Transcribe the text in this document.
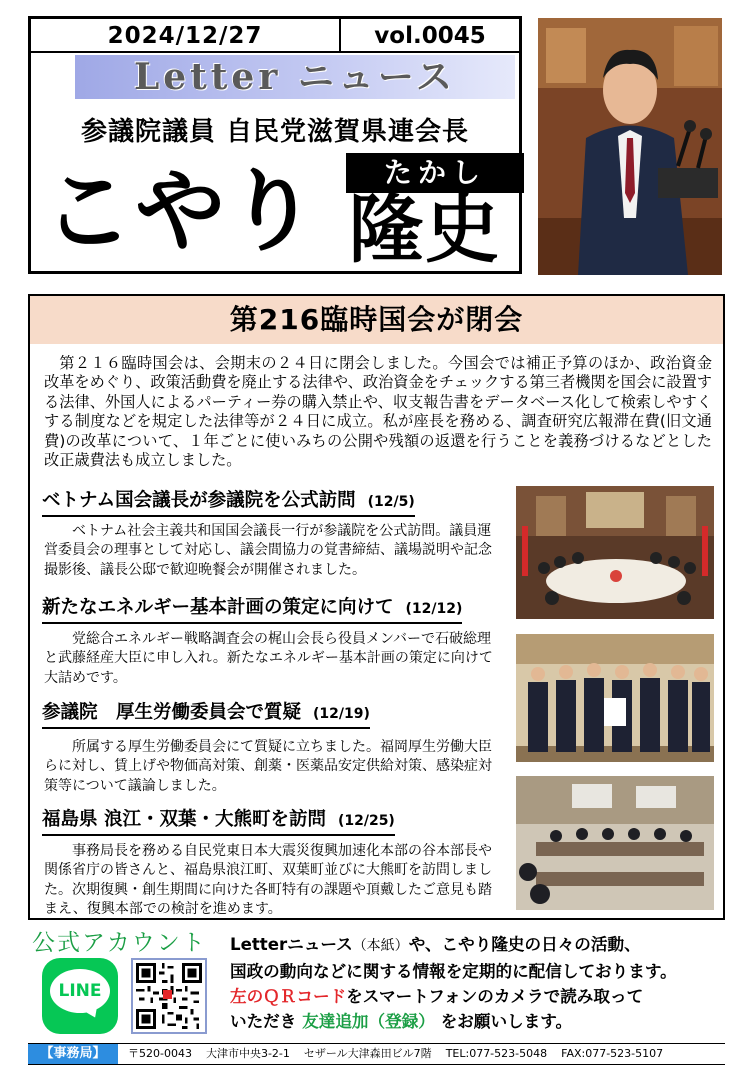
2024/12/27	vol.0045
Letter ニュース
参議院議員 自民党滋賀県連会長
たかし
こやり 隆史
第216臨時国会が閉会

第２１６臨時国会は、会期末の２４日に閉会しました。今国会では補正予算のほか、政治資金改革をめぐり、政策活動費を廃止する法律や、政治資金をチェックする第三者機関を国会に設置する法律、外国人によるパーティー券の購入禁止や、収支報告書をデータベース化して検索しやすくする制度などを規定した法律等が２４日に成立。私が座長を務める、調査研究広報滞在費(旧文通費)の改革について、１年ごとに使いみちの公開や残額の返還を行うことを義務づけるなどとした改正歳費法も成立しました。

ベトナム国会議長が参議院を公式訪問 (12/5)

ベトナム社会主義共和国国会議長一行が参議院を公式訪問。議員運営委員会の理事として対応し、議会間協力の覚書締結、議場説明や記念撮影後、議長公邸で歓迎晩餐会が開催されました。

新たなエネルギー基本計画の策定に向けて (12/12)

党総合エネルギー戦略調査会の梶山会長ら役員メンバーで石破総理と武藤経産大臣に申し入れ。新たなエネルギー基本計画の策定に向けて大詰めです。

参議院　厚生労働委員会で質疑 (12/19)

所属する厚生労働委員会にて質疑に立ちました。福岡厚生労働大臣らに対し、賃上げや物価高対策、創薬・医薬品安定供給対策、感染症対策等について議論しました。

福島県 浪江・双葉・大熊町を訪問 (12/25)

事務局長を務める自民党東日本大震災復興加速化本部の谷本部長や関係省庁の皆さんと、福島県浪江町、双葉町並びに大熊町を訪問しました。次期復興・創生期間に向けた各町特有の課題や頂戴したご意見も踏まえ、復興本部での検討を進めます。

公式アカウント
LINE
Letterニュース（本紙）や、こやり隆史の日々の活動、
国政の動向などに関する情報を定期的に配信しております。
左のＱＲコードをスマートフォンのカメラで読み取って
いただき 友達追加（登録） をお願いします。
【事務局】	〒520-0043 大津市中央3-2-1 セザール大津森田ビル7階 TEL:077-523-5048 FAX:077-523-5107
